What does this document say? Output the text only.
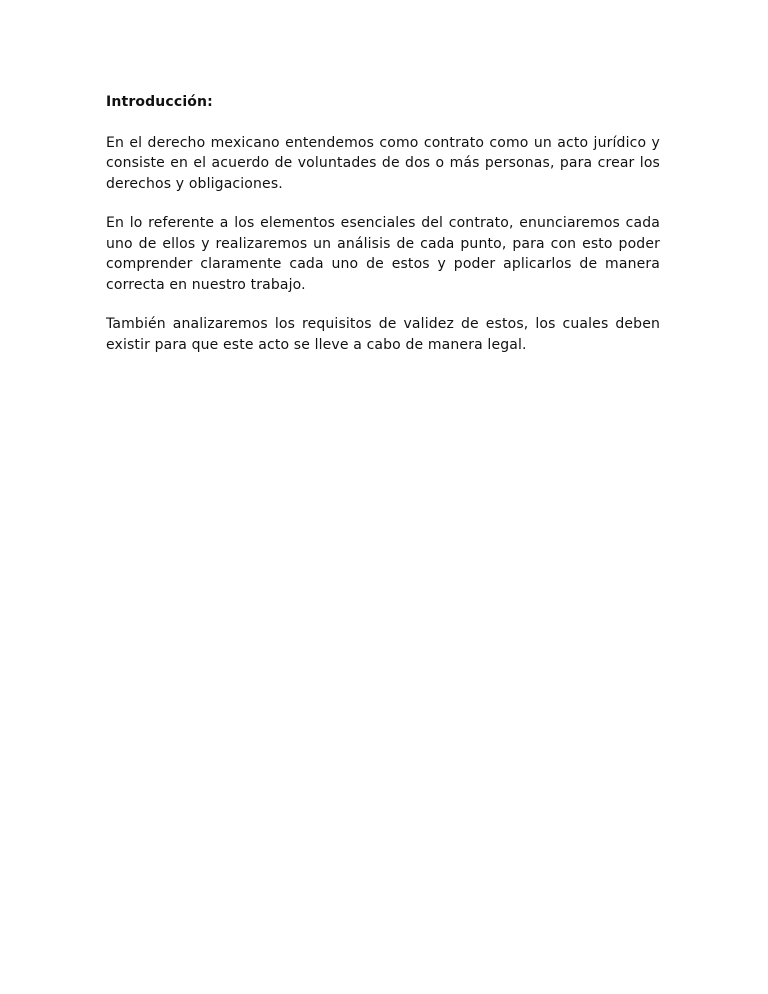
Introducción:

En el derecho mexicano entendemos como contrato como un acto jurídico y consiste en el acuerdo de voluntades de dos o más personas, para crear los derechos y obligaciones.

En lo referente a los elementos esenciales del contrato, enunciaremos cada uno de ellos y realizaremos un análisis de cada punto, para con esto poder comprender claramente cada uno de estos y poder aplicarlos de manera correcta en nuestro trabajo.

También analizaremos los requisitos de validez de estos, los cuales deben existir para que este acto se lleve a cabo de manera legal.
